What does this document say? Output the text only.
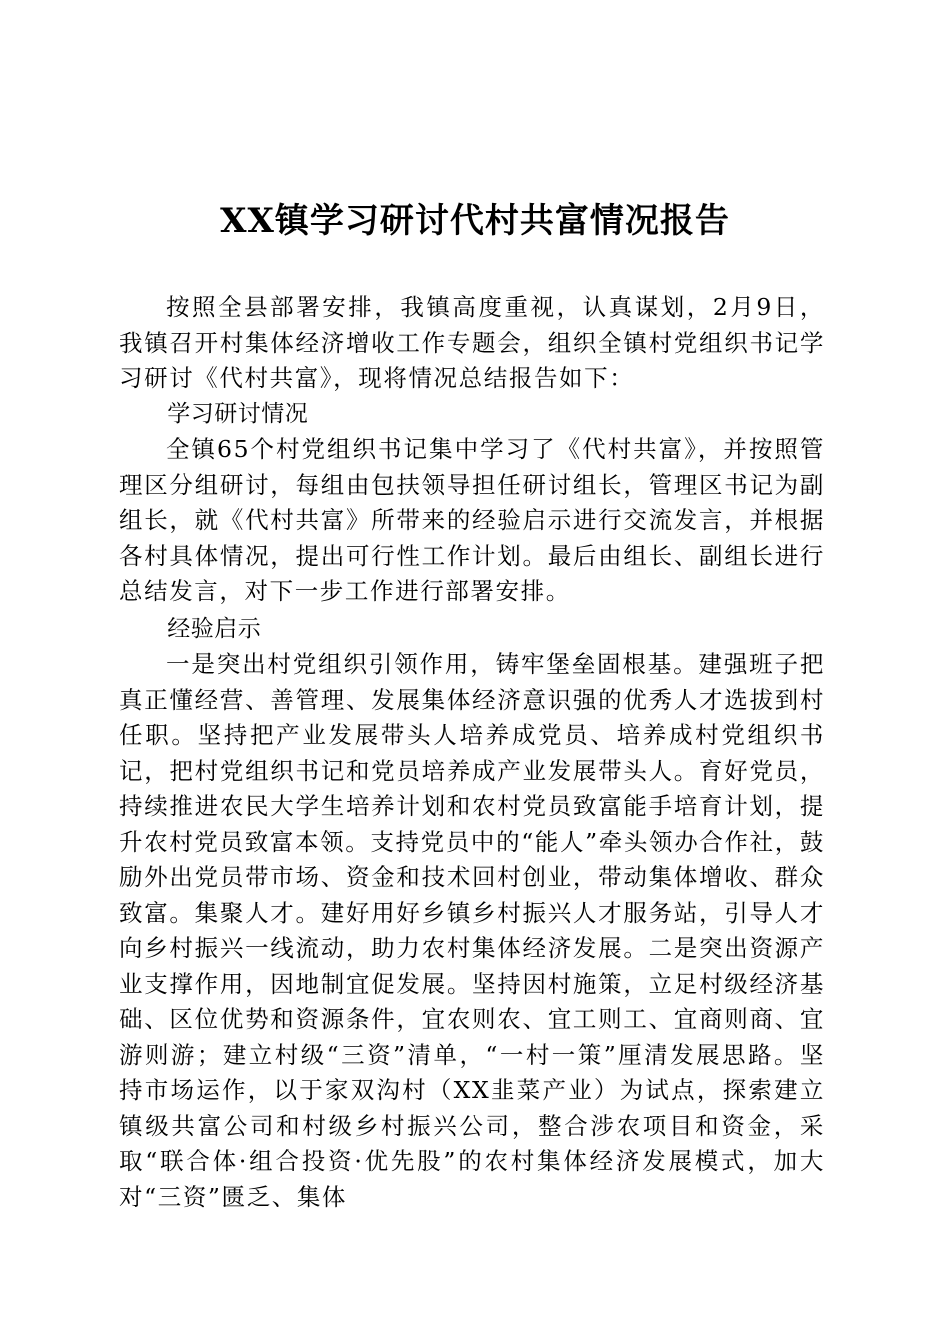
XX镇学习研讨代村共富情况报告

按照全县部署安排，我镇高度重视，认真谋划，2月9日，我镇召开村集体经济增收工作专题会，组织全镇村党组织书记学习研讨《代村共富》，现将情况总结报告如下：

学习研讨情况

全镇65个村党组织书记集中学习了《代村共富》，并按照管理区分组研讨，每组由包扶领导担任研讨组长，管理区书记为副组长，就《代村共富》所带来的经验启示进行交流发言，并根据各村具体情况，提出可行性工作计划。最后由组长、副组长进行总结发言，对下一步工作进行部署安排。

经验启示

一是突出村党组织引领作用，铸牢堡垒固根基。建强班子把真正懂经营、善管理、发展集体经济意识强的优秀人才选拔到村任职。坚持把产业发展带头人培养成党员、培养成村党组织书记，把村党组织书记和党员培养成产业发展带头人。育好党员，持续推进农民大学生培养计划和农村党员致富能手培育计划，提升农村党员致富本领。支持党员中的“能人”牵头领办合作社，鼓励外出党员带市场、资金和技术回村创业，带动集体增收、群众致富。集聚人才。建好用好乡镇乡村振兴人才服务站，引导人才向乡村振兴一线流动，助力农村集体经济发展。二是突出资源产业支撑作用，因地制宜促发展。坚持因村施策，立足村级经济基础、区位优势和资源条件，宜农则农、宜工则工、宜商则商、宜游则游；建立村级“三资”清单，“一村一策”厘清发展思路。坚持市场运作，以于家双沟村（XX韭菜产业）为试点，探索建立镇级共富公司和村级乡村振兴公司，整合涉农项目和资金，采取“联合体·组合投资·优先股”的农村集体经济发展模式，加大对“三资”匮乏、集体
